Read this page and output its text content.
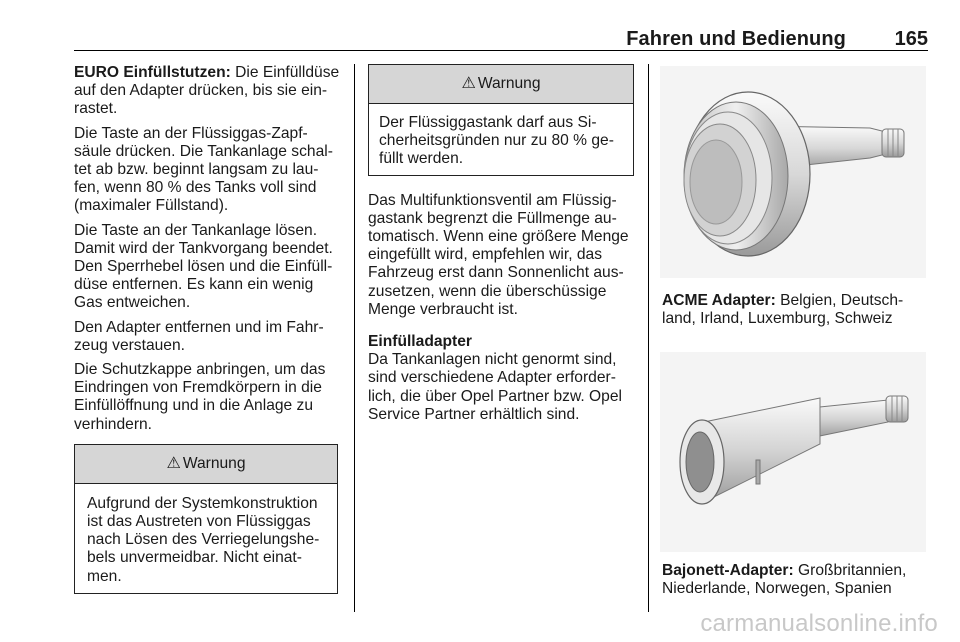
Fahren und Bedienung 165

EURO Einfüllstutzen: Die Einfülldüse auf den Adapter drücken, bis sie ein-rastet.

Die Taste an der Flüssiggas-Zapf-säule drücken. Die Tankanlage schal-tet ab bzw. beginnt langsam zu lau-fen, wenn 80 % des Tanks voll sind (maximaler Füllstand).

Die Taste an der Tankanlage lösen. Damit wird der Tankvorgang beendet. Den Sperrhebel lösen und die Einfüll-düse entfernen. Es kann ein wenig Gas entweichen.

Den Adapter entfernen und im Fahr-zeug verstauen.

Die Schutzkappe anbringen, um das Eindringen von Fremdkörpern in die Einfüllöffnung und in die Anlage zu verhindern.

⚠ Warnung
Aufgrund der Systemkonstruktion ist das Austreten von Flüssiggas nach Lösen des Verriegelungshe-bels unvermeidbar. Nicht einat-men.
⚠ Warnung
Der Flüssiggastank darf aus Si-cherheitsgründen nur zu 80 % ge-füllt werden.

Das Multifunktionsventil am Flüssig-gastank begrenzt die Füllmenge au-tomatisch. Wenn eine größere Menge eingefüllt wird, empfehlen wir, das Fahrzeug erst dann Sonnenlicht aus-zusetzen, wenn die überschüssige Menge verbraucht ist.

Einfülladapter

Da Tankanlagen nicht genormt sind, sind verschiedene Adapter erforder-lich, die über Opel Partner bzw. Opel Service Partner erhältlich sind.

ACME Adapter: Belgien, Deutsch-land, Irland, Luxemburg, Schweiz
Bajonett-Adapter: Großbritannien, Niederlande, Norwegen, Spanien
carmanualsonline.info
